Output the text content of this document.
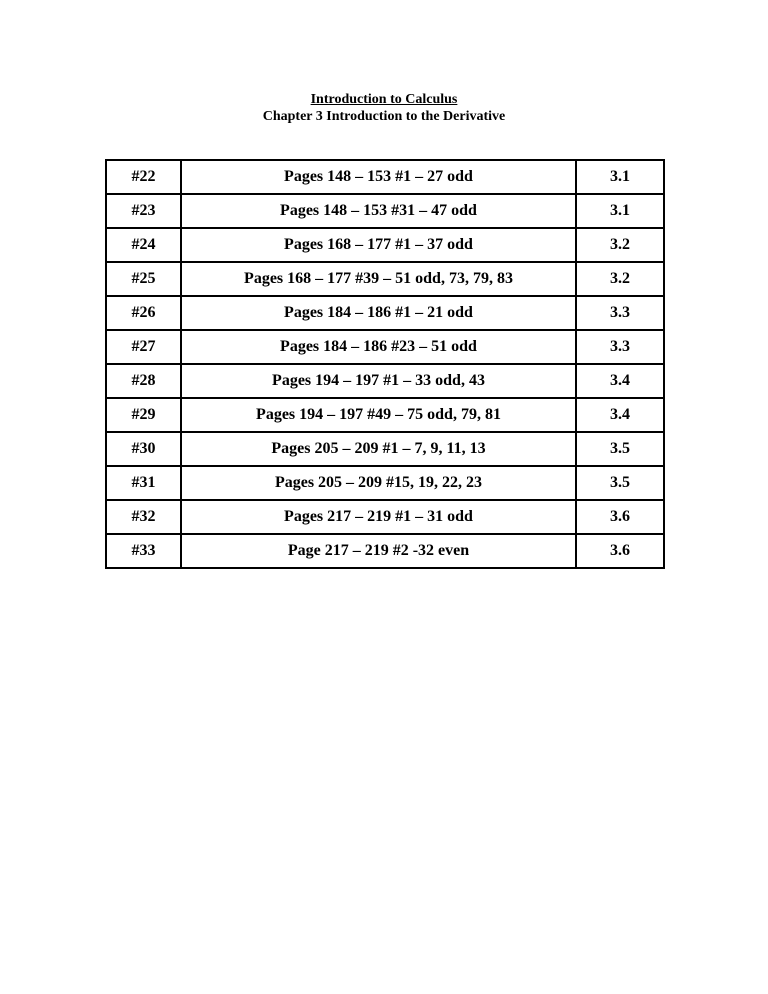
Introduction to Calculus
Chapter 3 Introduction to the Derivative
#22	Pages 148 – 153 #1 – 27 odd	3.1
#23	Pages 148 – 153 #31 – 47 odd	3.1
#24	Pages 168 – 177 #1 – 37 odd	3.2
#25	Pages 168 – 177 #39 – 51 odd, 73, 79, 83	3.2
#26	Pages 184 – 186 #1 – 21 odd	3.3
#27	Pages 184 – 186 #23 – 51 odd	3.3
#28	Pages 194 – 197 #1 – 33 odd, 43	3.4
#29	Pages 194 – 197 #49 – 75 odd, 79, 81	3.4
#30	Pages 205 – 209 #1 – 7, 9, 11, 13	3.5
#31	Pages 205 – 209 #15, 19, 22, 23	3.5
#32	Pages 217 – 219 #1 – 31 odd	3.6
#33	Page 217 – 219 #2 -32 even	3.6
